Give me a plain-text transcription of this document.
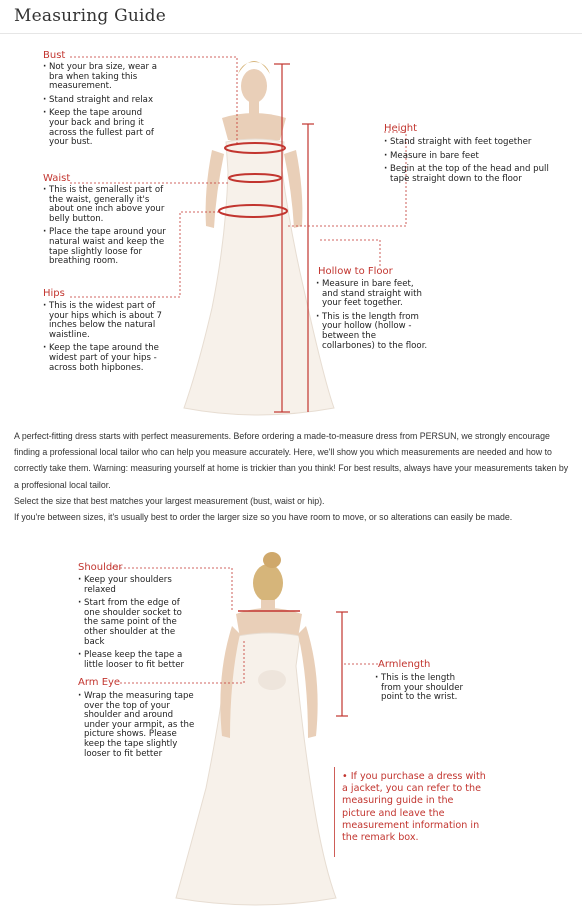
Measuring Guide
Bust
· Not your bra size, wear a bra when taking this measurement.
· Stand straight and relax
· Keep the tape around your back and bring it across the fullest part of your bust.
Waist
· This is the smallest part of the waist, generally it's about one inch above your belly button.
· Place the tape around your natural waist and keep the tape slightly loose for breathing room.
Hips
· This is the widest part of your hips which is about 7 inches below the natural waistline.
· Keep the tape around the widest part of your hips - across both hipbones.
Height
· Stand straight with feet together
· Measure in bare feet
· Begin at the top of the head and pull tape straight down to the floor
Hollow to Floor
· Measure in bare feet, and stand straight with your feet together.
· This is the length from your hollow (hollow - between the collarbones) to the floor.

A perfect-fitting dress starts with perfect measurements. Before ordering a made-to-measure dress from PERSUN, we strongly encourage finding a professional local tailor who can help you measure accurately. Here, we'll show you which measurements are needed and how to correctly take them. Warning: measuring yourself at home is trickier than you think! For best results, always have your measurements taken by a proffesional local tailor.

Select the size that best matches your largest measurement (bust, waist or hip).

If you're between sizes, it's usually best to order the larger size so you have room to move, or so alterations can easily be made.

Shoulder
· Keep your shoulders relaxed
· Start from the edge of one shoulder socket to the same point of the other shoulder at the back
· Please keep the tape a little looser to fit better
Arm Eye
· Wrap the measuring tape over the top of your shoulder and around under your armpit, as the picture shows. Please keep the tape slightly looser to fit better
Armlength
· This is the length from your shoulder point to the wrist.
• If you purchase a dress with a jacket, you can refer to the measuring guide in the picture and leave the measurement information in the remark box.
